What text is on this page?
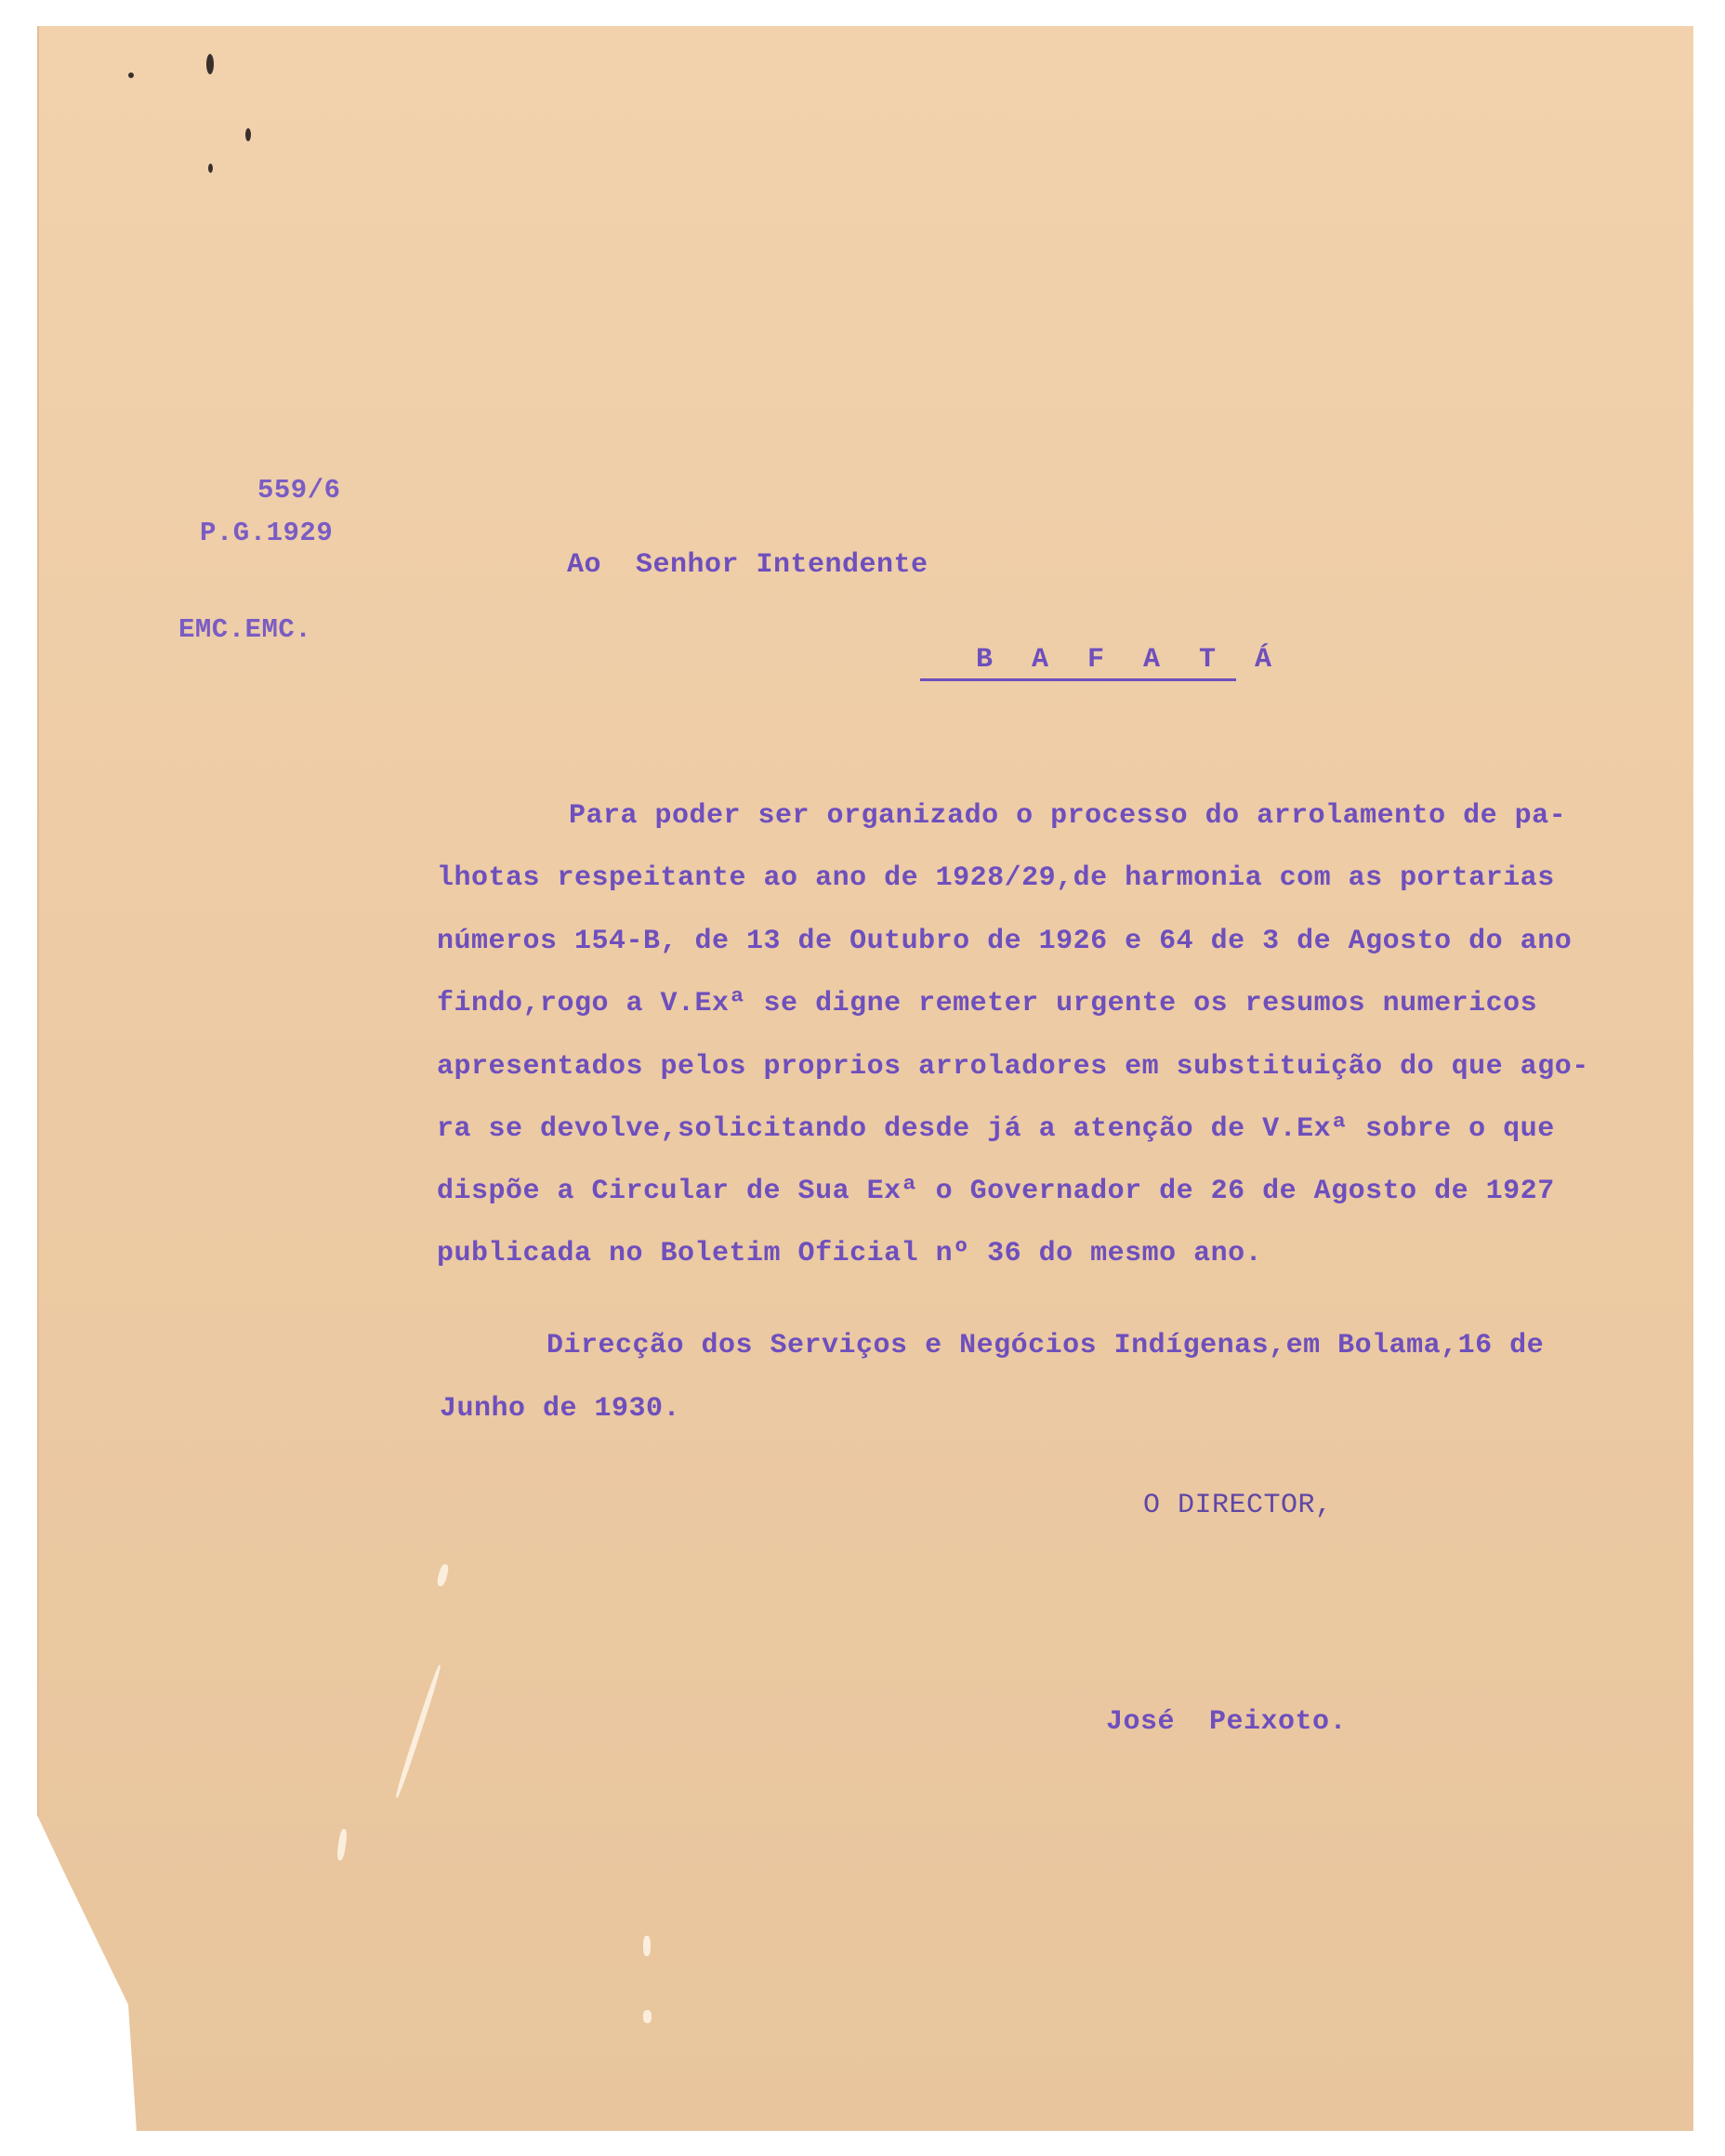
559/6

P.G.1929

EMC.EMC.

Ao  Senhor Intendente

B A F A T Á

Para poder ser organizado o processo do arrolamento de pa-

lhotas respeitante ao ano de 1928/29,de harmonia com as portarias

números 154-B, de 13 de Outubro de 1926 e 64 de 3 de Agosto do ano

findo,rogo a V.Exª se digne remeter urgente os resumos numericos

apresentados pelos proprios arroladores em substituição do que ago-

ra se devolve,solicitando desde já a atenção de V.Exª sobre o que

dispõe a Circular de Sua Exª o Governador de 26 de Agosto de 1927

publicada no Boletim Oficial nº 36 do mesmo ano.

Direcção dos Serviços e Negócios Indígenas,em Bolama,16 de

Junho de 1930.

O DIRECTOR,

José  Peixoto.
